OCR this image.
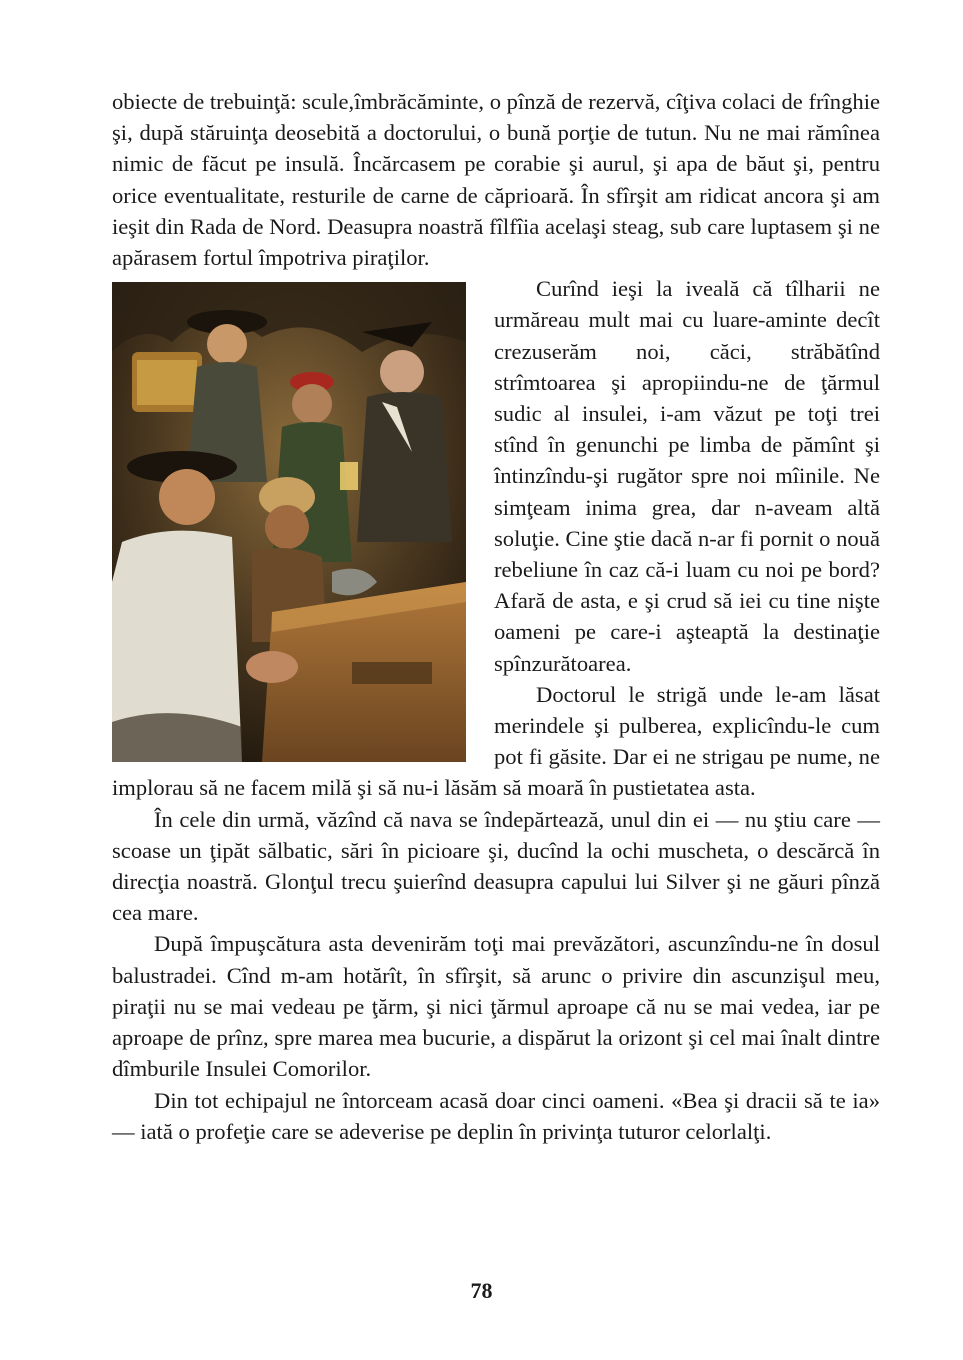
obiecte de trebuinţă: scule,îmbrăcăminte, o pînză de rezervă, cîţiva colaci de frînghie şi, după stăruinţa deosebită a doctorului, o bună porţie de tutun. Nu ne mai rămînea nimic de făcut pe insulă. Încărcasem pe corabie şi aurul, şi apa de băut şi, pentru orice eventualitate, resturile de carne de căprioară. În sfîrşit am ridicat ancora şi am ieşit din Rada de Nord. Deasupra noastră fîlfîia acelaşi steag, sub care luptasem şi ne apărasem fortul împotriva piraţilor.

Curînd ieşi la iveală că tîlharii ne urmăreau mult mai cu luare-aminte decît crezuserăm noi, căci, străbătînd strîmtoarea şi apropiindu-ne de ţărmul sudic al insulei, i-am văzut pe toţi trei stînd în genunchi pe limba de pămînt şi întinzîndu-şi rugător spre noi mîinile. Ne simţeam inima grea, dar n-aveam altă soluţie. Cine ştie dacă n-ar fi pornit o nouă rebeliune în caz că-i luam cu noi pe bord? Afară de asta, e şi crud să iei cu tine nişte oameni pe care-i aşteaptă la destinaţie spînzurătoarea.

Doctorul le strigă unde le-am lăsat merindele şi pulberea, explicîndu-le cum pot fi găsite. Dar ei ne strigau pe nume, ne implorau să ne facem milă şi să nu-i lăsăm să moară în pustietatea asta.

În cele din urmă, văzînd că nava se îndepărtează, unul din ei — nu ştiu care — scoase un ţipăt sălbatic, sări în picioare şi, ducînd la ochi muscheta, o descărcă în direcţia noastră. Glonţul trecu şuierînd deasupra capului lui Silver şi ne găuri pînză cea mare.

După împuşcătura asta devenirăm toţi mai prevăzători, ascunzîndu-ne în dosul balustradei. Cînd m-am hotărît, în sfîrşit, să arunc o privire din ascunzişul meu, piraţii nu se mai vedeau pe ţărm, şi nici ţărmul aproape că nu se mai vedea, iar pe aproape de prînz, spre marea mea bucurie, a dispărut la orizont şi cel mai înalt dintre dîmburile Insulei Comorilor.

Din tot echipajul ne întorceam acasă doar cinci oameni. «Bea şi dracii să te ia» — iată o profeţie care se adeverise pe deplin în privinţa tuturor celorlalţi.

78
